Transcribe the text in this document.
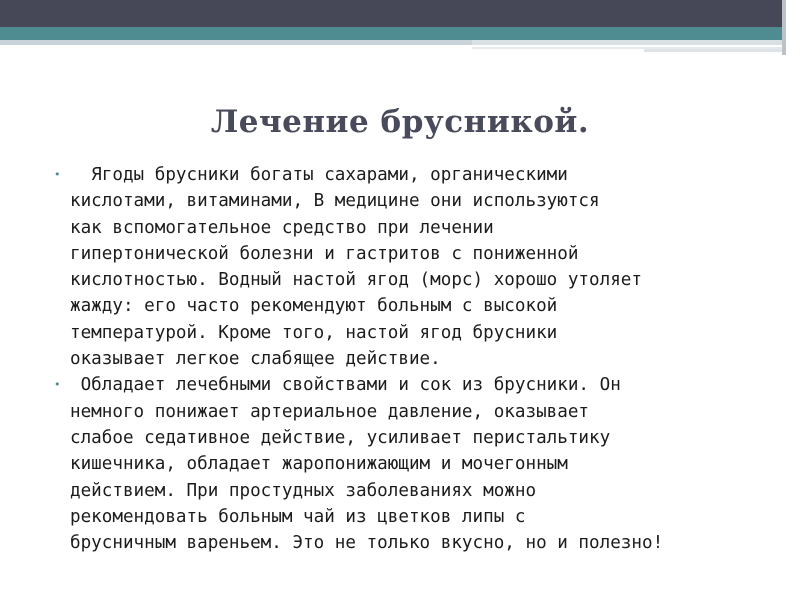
Лечение брусникой.
• Ягоды брусники богаты сахарами, органическими
кислотами, витаминами, В медицине они используются
как вспомогательное средство при лечении
гипертонической болезни и гастритов с пониженной
кислотностью. Водный настой ягод (морс) хорошо утоляет
жажду: его часто рекомендуют больным с высокой
температурой. Кроме того, настой ягод брусники
оказывает легкое слабящее действие.
• Обладает лечебными свойствами и сок из брусники. Он
немного понижает артериальное давление, оказывает
слабое седативное действие, усиливает перистальтику
кишечника, обладает жаропонижающим и мочегонным
действием. При простудных заболеваниях можно
рекомендовать больным чай из цветков липы с
брусничным вареньем. Это не только вкусно, но и полезно!
